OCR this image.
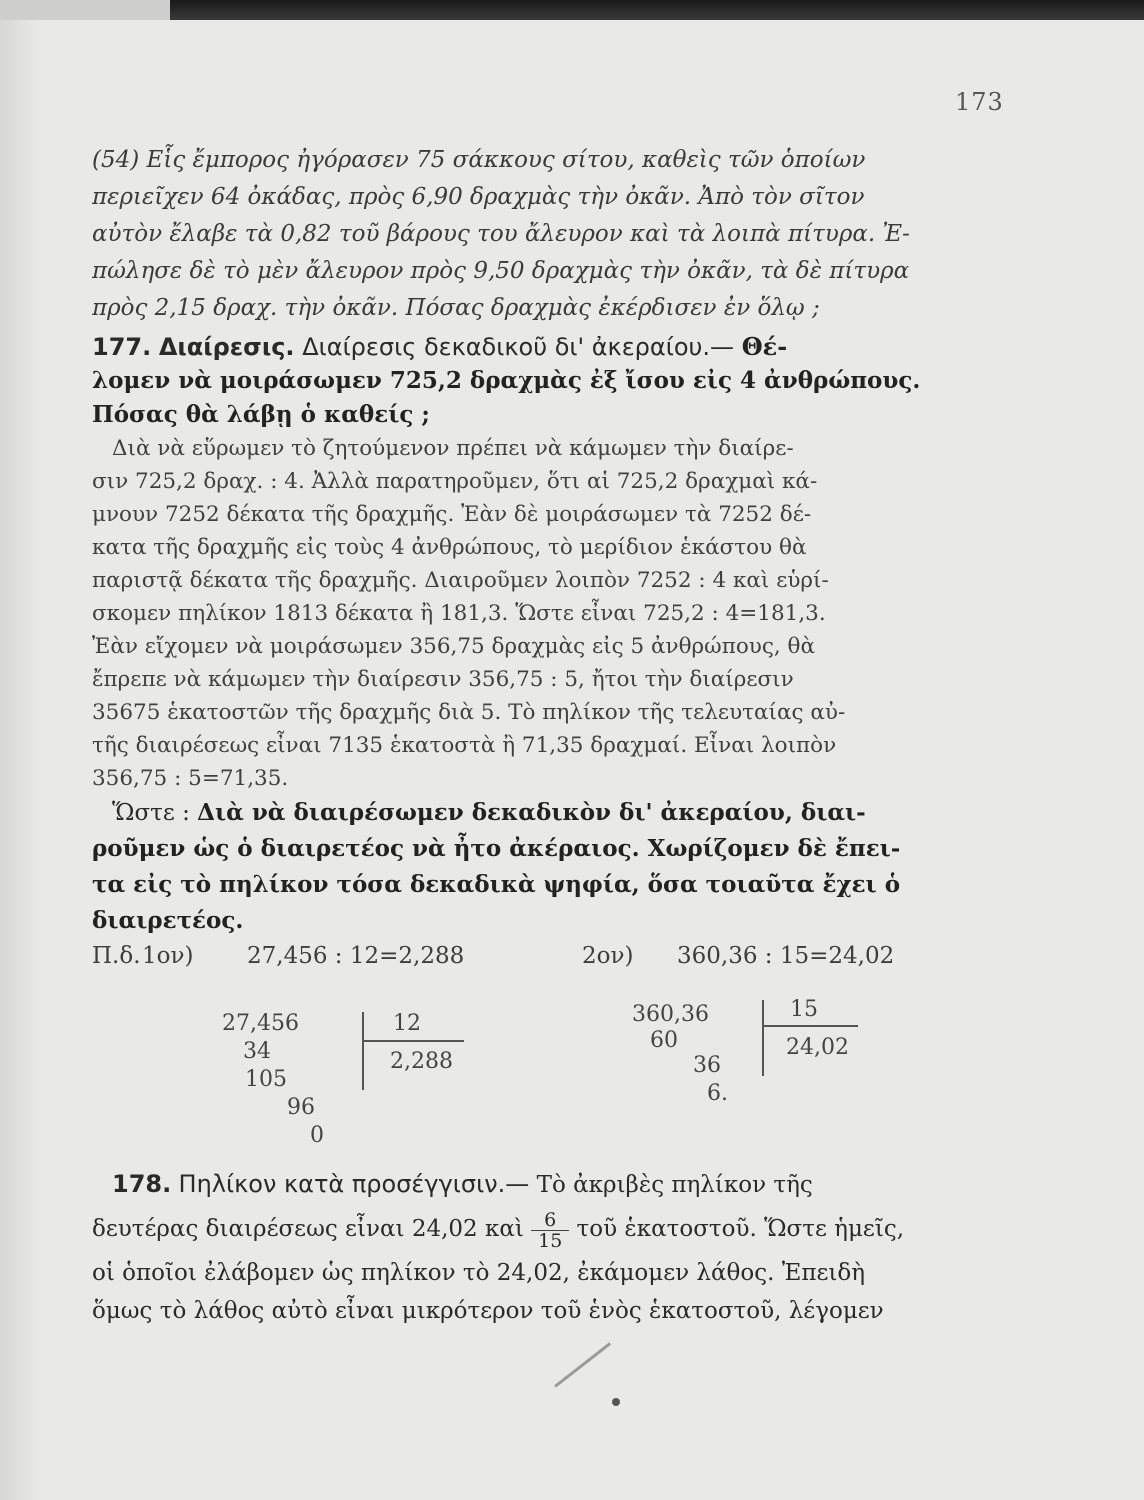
173
(54) Εἷς ἔμπορος ἠγόρασεν 75 σάκκους σίτου, καθεὶς τῶν ὁποίων
περιεῖχεν 64 ὀκάδας, πρὸς 6,90 δραχμὰς τὴν ὀκᾶν. Ἀπὸ τὸν σῖτον
αὐτὸν ἔλαβε τὰ 0,82 τοῦ βάρους του ἄλευρον καὶ τὰ λοιπὰ πίτυρα. Ἐ-
πώλησε δὲ τὸ μὲν ἄλευρον πρὸς 9,50 δραχμὰς τὴν ὀκᾶν, τὰ δὲ πίτυρα
πρὸς 2,15 δραχ. τὴν ὀκᾶν. Πόσας δραχμὰς ἐκέρδισεν ἐν ὅλῳ ;
177. Διαίρεσις. Διαίρεσις δεκαδικοῦ δι' ἀκεραίου.— Θέ-
λομεν νὰ μοιράσωμεν 725,2 δραχμὰς ἐξ ἴσου εἰς 4 ἀνθρώπους.
Πόσας θὰ λάβῃ ὁ καθείς ;
Διὰ νὰ εὕρωμεν τὸ ζητούμενον πρέπει νὰ κάμωμεν τὴν διαίρε-
σιν 725,2 δραχ. : 4. Ἀλλὰ παρατηροῦμεν, ὅτι αἱ 725,2 δραχμαὶ κά-
μνουν 7252 δέκατα τῆς δραχμῆς. Ἐὰν δὲ μοιράσωμεν τὰ 7252 δέ-
κατα τῆς δραχμῆς εἰς τοὺς 4 ἀνθρώπους, τὸ μερίδιον ἑκάστου θὰ
παριστᾷ δέκατα τῆς δραχμῆς. Διαιροῦμεν λοιπὸν 7252 : 4 καὶ εὑρί-
σκομεν πηλίκον 1813 δέκατα ἢ 181,3. Ὥστε εἶναι 725,2 : 4=181,3.
Ἐὰν εἴχομεν νὰ μοιράσωμεν 356,75 δραχμὰς εἰς 5 ἀνθρώπους, θὰ
ἔπρεπε νὰ κάμωμεν τὴν διαίρεσιν 356,75 : 5, ἤτοι τὴν διαίρεσιν
35675 ἑκατοστῶν τῆς δραχμῆς διὰ 5. Τὸ πηλίκον τῆς τελευταίας αὐ-
τῆς διαιρέσεως εἶναι 7135 ἑκατοστὰ ἢ 71,35 δραχμαί. Εἶναι λοιπὸν
356,75 : 5=71,35.
Ὥστε : Διὰ νὰ διαιρέσωμεν δεκαδικὸν δι' ἀκεραίου, διαι-
ροῦμεν ὡς ὁ διαιρετέος νὰ ἦτο ἀκέραιος. Χωρίζομεν δὲ ἔπει-
τα εἰς τὸ πηλίκον τόσα δεκαδικὰ ψηφία, ὅσα τοιαῦτα ἔχει ὁ
διαιρετέος.
Π.δ. 1ον) 27,456 : 12=2,288	2ον) 360,36 : 15=24,02
27,456
34
105
96
0
12
2,288
360,36
60
36
6.
15
24,02
178. Πηλίκον κατὰ προσέγγισιν.— Τὸ ἀκριβὲς πηλίκον τῆς
δευτέρας διαιρέσεως εἶναι 24,02 καὶ $\frac{6}{15}$ τοῦ ἑκατοστοῦ. Ὥστε ἡμεῖς,
οἱ ὁποῖοι ἐλάβομεν ὡς πηλίκον τὸ 24,02, ἐκάμομεν λάθος. Ἐπειδὴ
ὅμως τὸ λάθος αὐτὸ εἶναι μικρότερον τοῦ ἑνὸς ἑκατοστοῦ, λέγομεν
